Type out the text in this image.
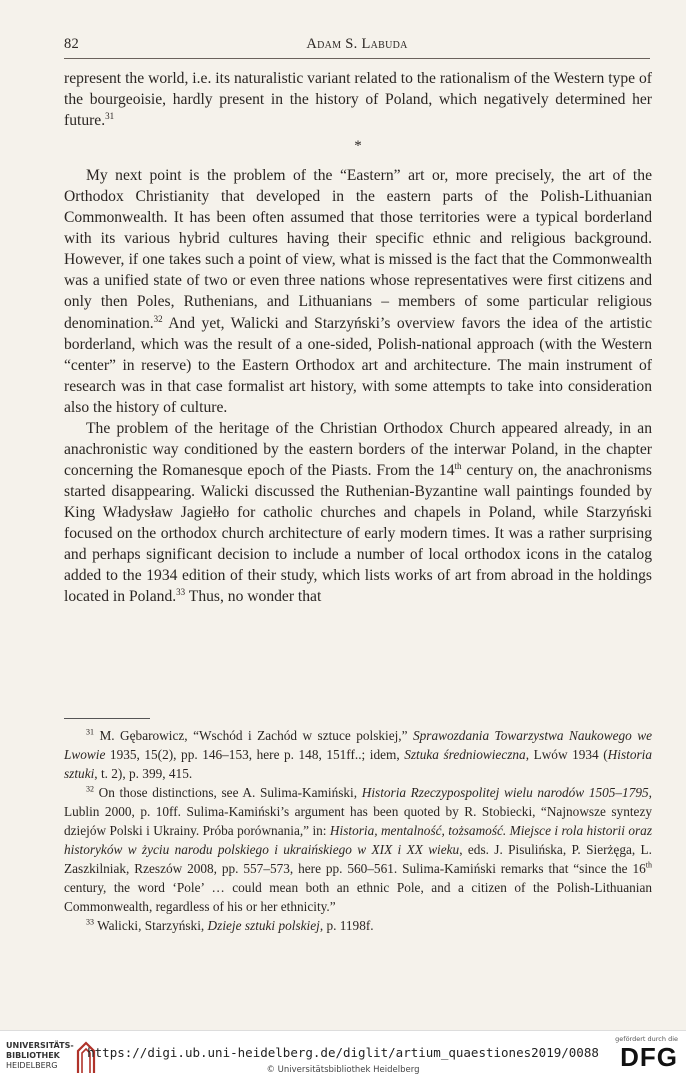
82	Adam S. Labuda

represent the world, i.e. its naturalistic variant related to the rationalism of the Western type of the bourgeoisie, hardly present in the history of Poland, which negatively determined her future.$^{31}$

*

My next point is the problem of the “Eastern” art or, more precisely, the art of the Orthodox Christianity that developed in the eastern parts of the Polish-Lithuanian Commonwealth. It has been often assumed that those territories were a typical borderland with its various hybrid cultures having their specific ethnic and religious background. However, if one takes such a point of view, what is missed is the fact that the Commonwealth was a unified state of two or even three nations whose representatives were first citizens and only then Poles, Ruthenians, and Lithuanians – members of some particular religious denomination.$^{32}$ And yet, Walicki and Starzyński’s overview favors the idea of the artistic borderland, which was the result of a one-sided, Polish-national approach (with the Western “center” in reserve) to the Eastern Orthodox art and architecture. The main instrument of research was in that case formalist art history, with some attempts to take into consideration also the history of culture.

The problem of the heritage of the Christian Orthodox Church appeared already, in an anachronistic way conditioned by the eastern borders of the interwar Poland, in the chapter concerning the Romanesque epoch of the Piasts. From the 14th century on, the anachronisms started disappearing. Walicki discussed the Ruthenian-Byzantine wall paintings founded by King Władysław Jagiełło for catholic churches and chapels in Poland, while Starzyński focused on the orthodox church architecture of early modern times. It was a rather surprising and perhaps significant decision to include a number of local orthodox icons in the catalog added to the 1934 edition of their study, which lists works of art from abroad in the holdings located in Poland.$^{33}$ Thus, no wonder that

$^{31}$ M. Gębarowicz, “Wschód i Zachód w sztuce polskiej,” Sprawozdania Towarzystwa Naukowego we Lwowie 1935, 15(2), pp. 146–153, here p. 148, 151ff..; idem, Sztuka średniowieczna, Lwów 1934 (Historia sztuki, t. 2), p. 399, 415.

$^{32}$ On those distinctions, see A. Sulima-Kamiński, Historia Rzeczypospolitej wielu narodów 1505–1795, Lublin 2000, p. 10ff. Sulima-Kamiński’s argument has been quoted by R. Stobiecki, “Najnowsze syntezy dziejów Polski i Ukrainy. Próba porównania,” in: Historia, mentalność, tożsamość. Miejsce i rola historii oraz historyków w życiu narodu polskiego i ukraińskiego w XIX i XX wieku, eds. J. Pisulińska, P. Sierżęga, L. Zaszkilniak, Rzeszów 2008, pp. 557–573, here pp. 560–561. Sulima-Kamiński remarks that “since the 16th century, the word ‘Pole’ … could mean both an ethnic Pole, and a citizen of the Polish-Lithuanian Commonwealth, regardless of his or her ethnicity.”

$^{33}$ Walicki, Starzyński, Dzieje sztuki polskiej, p. 1198f.

UNIVERSITÄTS-
BIBLIOTHEK
HEIDELBERG
https://digi.ub.uni-heidelberg.de/diglit/artium_quaestiones2019/0088
© Universitätsbibliothek Heidelberg
gefördert durch die
DFG
